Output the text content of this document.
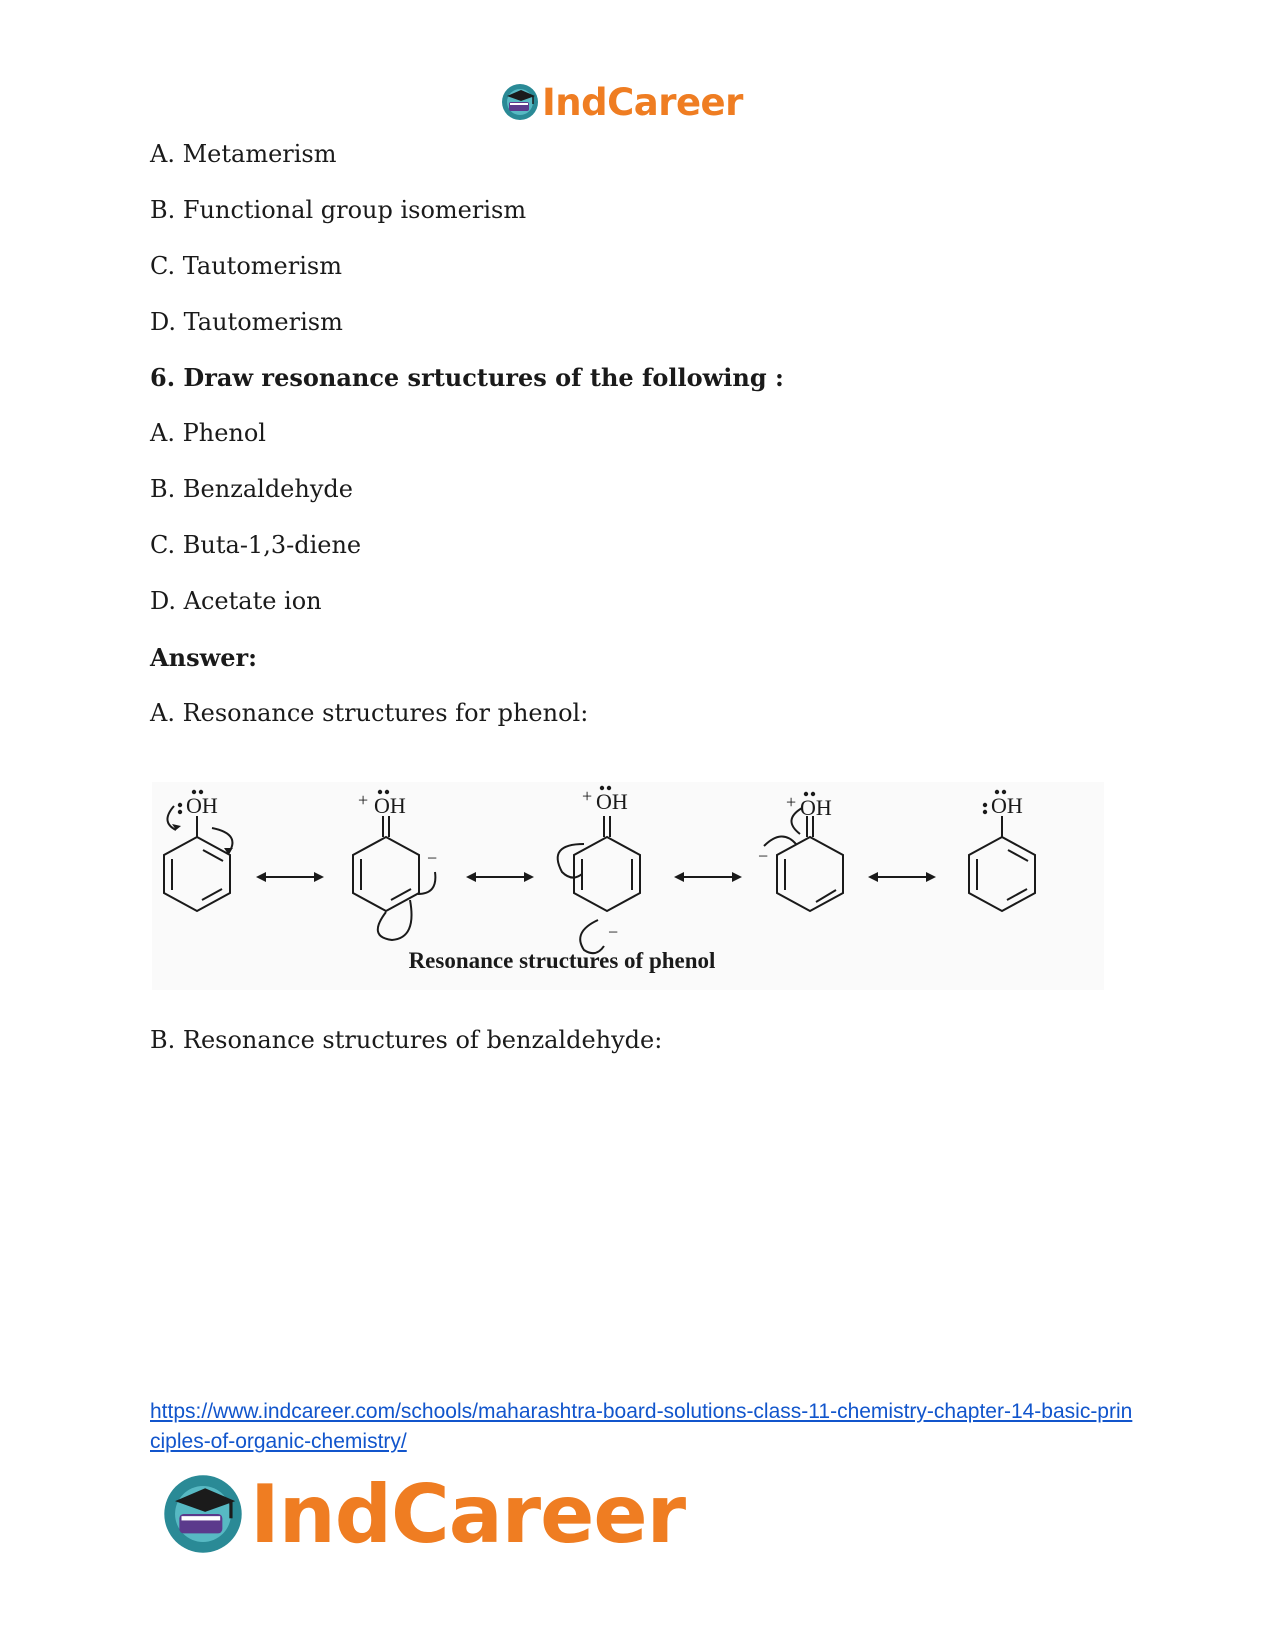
IndCareer
A. Metamerism
B. Functional group isomerism
C. Tautomerism
D. Tautomerism
6. Draw resonance srtuctures of the following :
A. Phenol
B. Benzaldehyde
C. Buta-1,3-diene
D. Acetate ion
Answer:
A. Resonance structures for phenol:
OH	OH	OH	OH	OH
+	+	+
−
−
−
Resonance structures of phenol
B. Resonance structures of benzaldehyde:
https://www.indcareer.com/schools/maharashtra-board-solutions-class-11-chemistry-chapter-14-basic-principles-of-organic-chemistry/
IndCareer
